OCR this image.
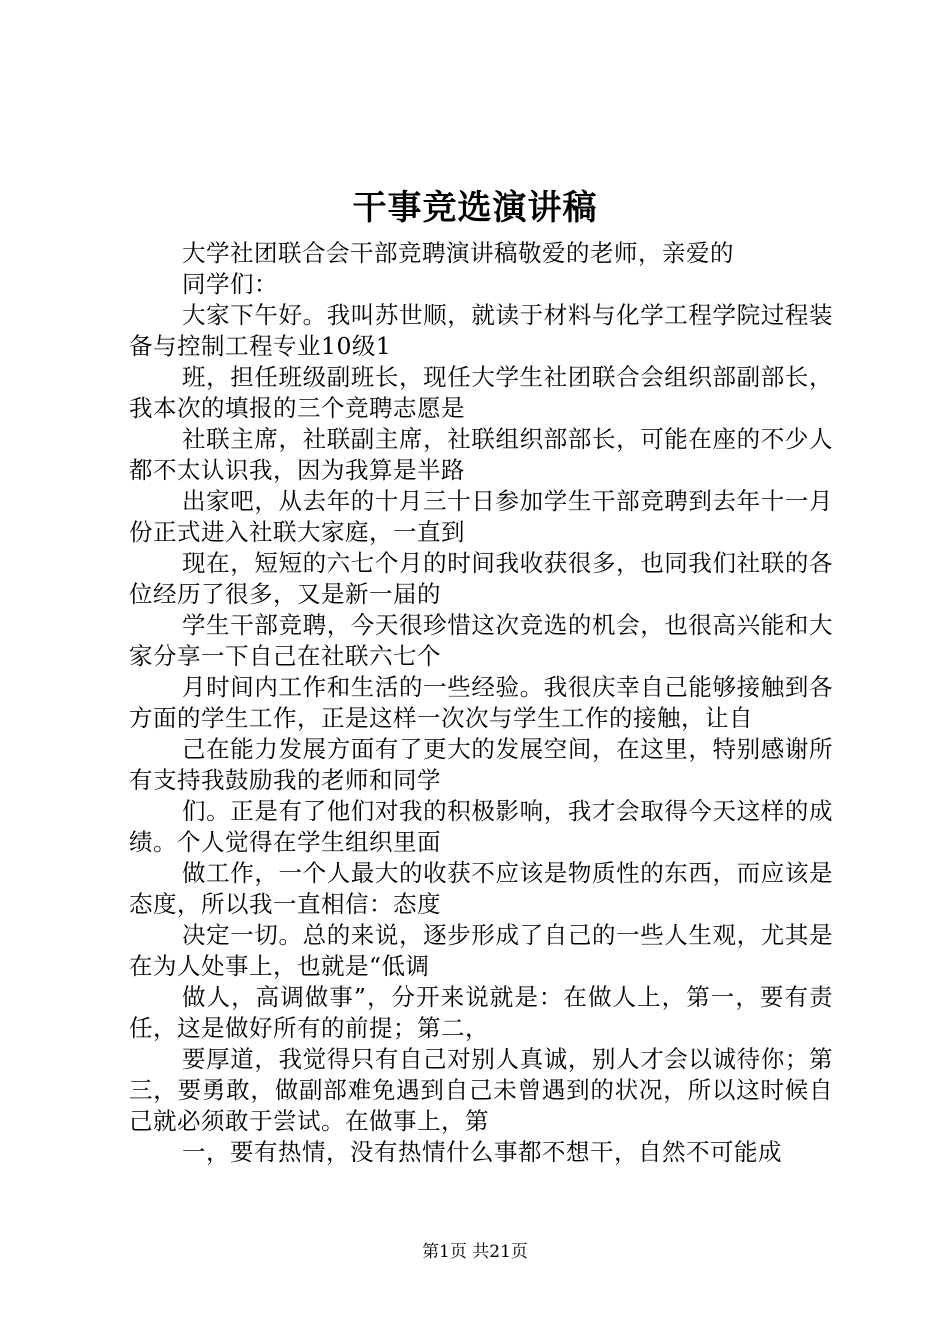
干事竞选演讲稿

大学社团联合会干部竞聘演讲稿敬爱的老师，亲爱的

同学们：

大家下午好。我叫苏世顺，就读于材料与化学工程学院过程装备与控制工程专业10级1

班，担任班级副班长，现任大学生社团联合会组织部副部长，我本次的填报的三个竞聘志愿是

社联主席，社联副主席，社联组织部部长，可能在座的不少人都不太认识我，因为我算是半路

出家吧，从去年的十月三十日参加学生干部竞聘到去年十一月份正式进入社联大家庭，一直到

现在，短短的六七个月的时间我收获很多，也同我们社联的各位经历了很多，又是新一届的

学生干部竞聘，今天很珍惜这次竞选的机会，也很高兴能和大家分享一下自己在社联六七个

月时间内工作和生活的一些经验。我很庆幸自己能够接触到各方面的学生工作，正是这样一次次与学生工作的接触，让自

己在能力发展方面有了更大的发展空间，在这里，特别感谢所有支持我鼓励我的老师和同学

们。正是有了他们对我的积极影响，我才会取得今天这样的成绩。个人觉得在学生组织里面

做工作，一个人最大的收获不应该是物质性的东西，而应该是态度，所以我一直相信：态度

决定一切。总的来说，逐步形成了自己的一些人生观，尤其是在为人处事上，也就是“低调

做人，高调做事”，分开来说就是：在做人上，第一，要有责任，这是做好所有的前提；第二，

要厚道，我觉得只有自己对别人真诚，别人才会以诚待你；第三，要勇敢，做副部难免遇到自己未曾遇到的状况，所以这时候自己就必须敢于尝试。在做事上，第

一，要有热情，没有热情什么事都不想干，自然不可能成

第1页 共21页
